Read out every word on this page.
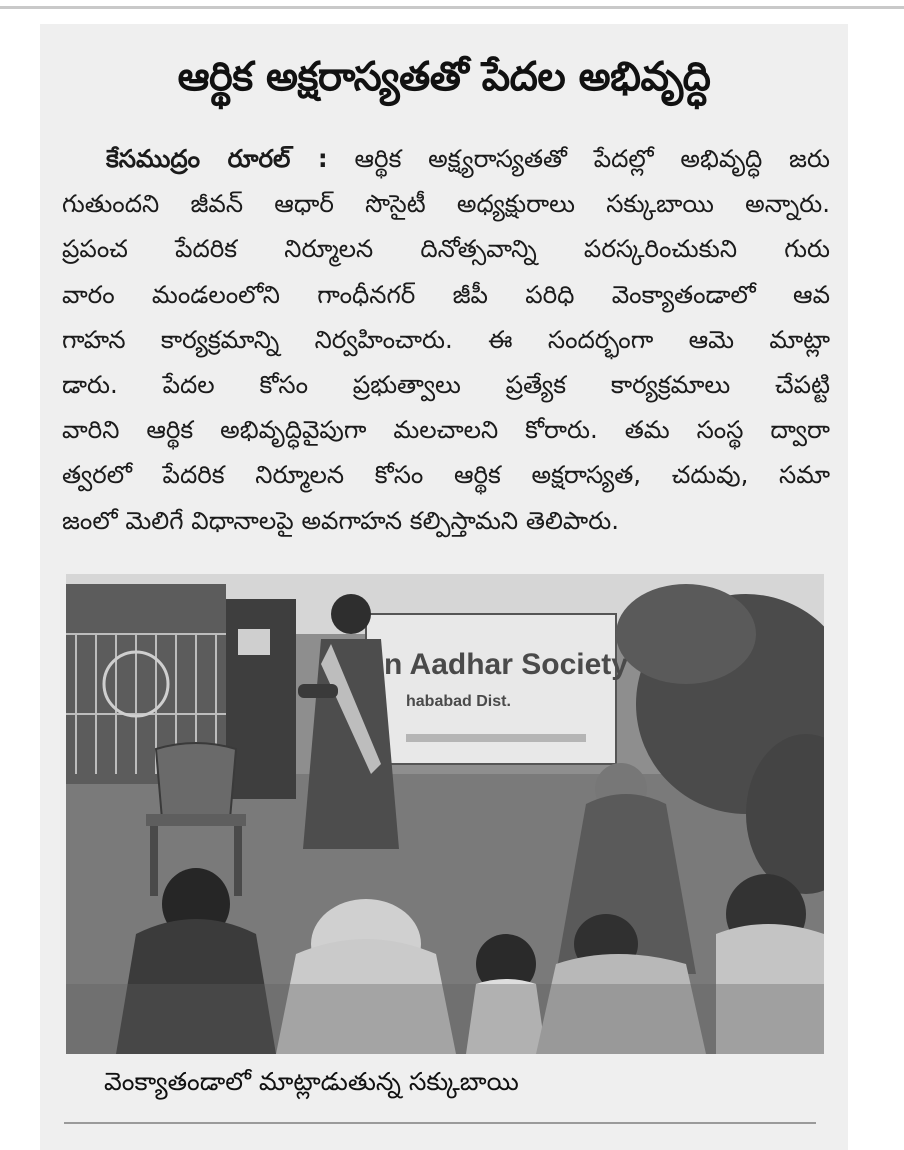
ఆర్థిక అక్షరాస్యతతో పేదల అభివృద్ధి
కేసముద్రం రూరల్ : ఆర్థిక అక్ష్యరాస్యతతో పేదల్లో అభివృద్ధి జరు
గుతుందని జీవన్ ఆధార్ సొసైటీ అధ్యక్షురాలు సక్కుబాయి అన్నారు.
ప్రపంచ పేదరిక నిర్మూలన దినోత్సవాన్ని పరస్కరించుకుని గురు
వారం మండలంలోని గాంధీనగర్ జీపీ పరిధి వెంక్యాతండాలో ఆవ
గాహన కార్యక్రమాన్ని నిర్వహించారు. ఈ సందర్భంగా ఆమె మాట్లా
డారు. పేదల కోసం ప్రభుత్వాలు ప్రత్యేక కార్యక్రమాలు చేపట్టి
వారిని ఆర్థిక అభివృద్ధివైపుగా మలచాలని కోరారు. తమ సంస్థ ద్వారా
త్వరలో పేదరిక నిర్మూలన కోసం ఆర్థిక అక్షరాస్యత, చదువు, సమా
జంలో మెలిగే విధానాలపై అవగాహన కల్పిస్తామని తెలిపారు.
n Aadhar Society
hababad Dist.
వెంక్యాతండాలో మాట్లాడుతున్న సక్కుబాయి
